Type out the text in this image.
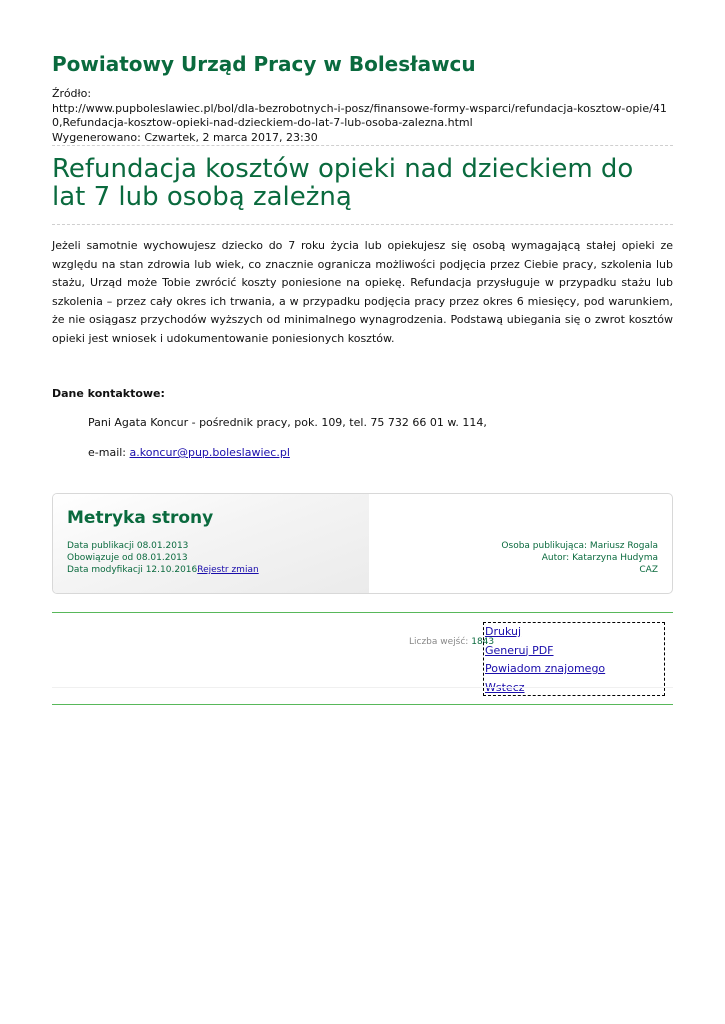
Powiatowy Urząd Pracy w Bolesławcu
Źródło:
http://www.pupboleslawiec.pl/bol/dla-bezrobotnych-i-posz/finansowe-formy-wsparci/refundacja-kosztow-opie/410,Refundacja-kosztow-opieki-nad-dzieckiem-do-lat-7-lub-osoba-zalezna.html
Wygenerowano: Czwartek, 2 marca 2017, 23:30
Refundacja kosztów opieki nad dzieckiem do lat 7 lub osobą zależną
Jeżeli samotnie wychowujesz dziecko do 7 roku życia lub opiekujesz się osobą wymagającą stałej opieki ze względu na stan zdrowia lub wiek, co znacznie ogranicza możliwości podjęcia przez Ciebie pracy, szkolenia lub stażu, Urząd może Tobie zwrócić koszty poniesione na opiekę. Refundacja przysługuje w przypadku stażu lub szkolenia – przez cały okres ich trwania, a w przypadku podjęcia pracy przez okres 6 miesięcy, pod warunkiem, że nie osiągasz przychodów wyższych od minimalnego wynagrodzenia. Podstawą ubiegania się o zwrot kosztów opieki jest wniosek i udokumentowanie poniesionych kosztów.
Dane kontaktowe:
Pani Agata Koncur - pośrednik pracy, pok. 109, tel. 75 732 66 01 w. 114,
e-mail: a.koncur@pup.boleslawiec.pl
Metryka strony
Data publikacji 08.01.2013
Obowiązuje od 08.01.2013
Data modyfikacji 12.10.2016Rejestr zmian
Osoba publikująca: Mariusz Rogala
Autor: Katarzyna Hudyma
CAZ
Liczba wejść: 1843
Drukuj
Generuj PDF
Powiadom znajomego
Wstecz
